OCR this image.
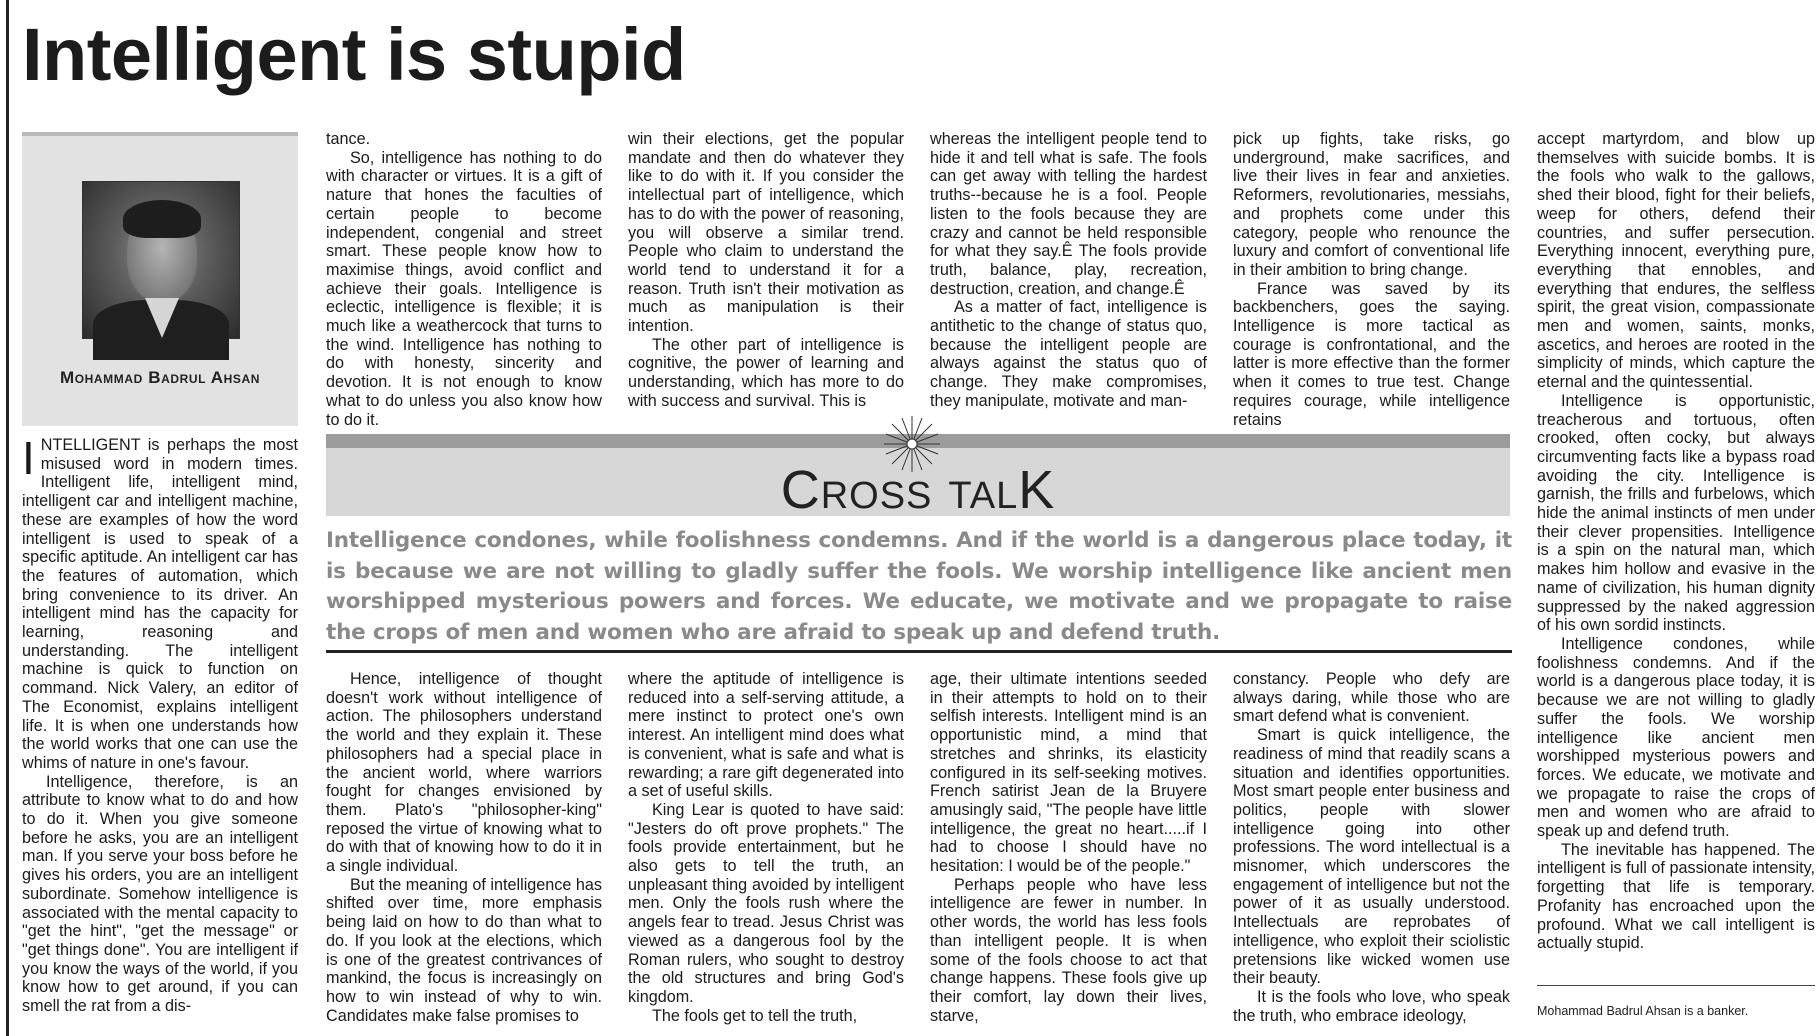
Intelligent is stupid
Mohammad Badrul Ahsan

INTELLIGENT is perhaps the most misused word in modern times. Intelligent life, intelligent mind, intelligent car and intelligent machine, these are examples of how the word intelligent is used to speak of a specific aptitude. An intelligent car has the features of automation, which bring convenience to its driver. An intelligent mind has the capacity for learning, reasoning and understanding. The intelligent machine is quick to function on command. Nick Valery, an editor of The Economist, explains intelligent life. It is when one understands how the world works that one can use the whims of nature in one's favour.

Intelligence, therefore, is an attribute to know what to do and how to do it. When you give someone before he asks, you are an intelligent man. If you serve your boss before he gives his orders, you are an intelligent subordinate. Somehow intelligence is associated with the mental capacity to "get the hint", "get the message" or "get things done". You are intelligent if you know the ways of the world, if you know how to get around, if you can smell the rat from a dis-

tance.

So, intelligence has nothing to do with character or virtues. It is a gift of nature that hones the faculties of certain people to become independent, congenial and street smart. These people know how to maximise things, avoid conflict and achieve their goals. Intelligence is eclectic, intelligence is flexible; it is much like a weathercock that turns to the wind. Intelligence has nothing to do with honesty, sincerity and devotion. It is not enough to know what to do unless you also know how to do it.

win their elections, get the popular mandate and then do whatever they like to do with it. If you consider the intellectual part of intelligence, which has to do with the power of reasoning, you will observe a similar trend. People who claim to understand the world tend to understand it for a reason. Truth isn't their motivation as much as manipulation is their intention.

The other part of intelligence is cognitive, the power of learning and understanding, which has more to do with success and survival. This is

whereas the intelligent people tend to hide it and tell what is safe. The fools can get away with telling the hardest truths--because he is a fool. People listen to the fools because they are crazy and cannot be held responsible for what they say.Ê The fools provide truth, balance, play, recreation, destruction, creation, and change.Ê

As a matter of fact, intelligence is antithetic to the change of status quo, because the intelligent people are always against the status quo of change. They make compromises, they manipulate, motivate and man-

pick up fights, take risks, go underground, make sacrifices, and live their lives in fear and anxieties. Reformers, revolutionaries, messiahs, and prophets come under this category, people who renounce the luxury and comfort of conventional life in their ambition to bring change.

France was saved by its backbenchers, goes the saying. Intelligence is more tactical as courage is confrontational, and the latter is more effective than the former when it comes to true test. Change requires courage, while intelligence retains

Cross talK

Intelligence condones, while foolishness condemns. And if the world is a dangerous place today, it is because we are not willing to gladly suffer the fools. We worship intelligence like ancient men worshipped mysterious powers and forces. We educate, we motivate and we propagate to raise the crops of men and women who are afraid to speak up and defend truth.

Hence, intelligence of thought doesn't work without intelligence of action. The philosophers understand the world and they explain it. These philosophers had a special place in the ancient world, where warriors fought for changes envisioned by them. Plato's "philosopher-king" reposed the virtue of knowing what to do with that of knowing how to do it in a single individual.

But the meaning of intelligence has shifted over time, more emphasis being laid on how to do than what to do. If you look at the elections, which is one of the greatest contrivances of mankind, the focus is increasingly on how to win instead of why to win. Candidates make false promises to

where the aptitude of intelligence is reduced into a self-serving attitude, a mere instinct to protect one's own interest. An intelligent mind does what is convenient, what is safe and what is rewarding; a rare gift degenerated into a set of useful skills.

King Lear is quoted to have said: "Jesters do oft prove prophets." The fools provide entertainment, but he also gets to tell the truth, an unpleasant thing avoided by intelligent men. Only the fools rush where the angels fear to tread. Jesus Christ was viewed as a dangerous fool by the Roman rulers, who sought to destroy the old structures and bring God's kingdom.

The fools get to tell the truth,

age, their ultimate intentions seeded in their attempts to hold on to their selfish interests. Intelligent mind is an opportunistic mind, a mind that stretches and shrinks, its elasticity configured in its self-seeking motives. French satirist Jean de la Bruyere amusingly said, "The people have little intelligence, the great no heart.....if I had to choose I should have no hesitation: I would be of the people."

Perhaps people who have less intelligence are fewer in number. In other words, the world has less fools than intelligent people. It is when some of the fools choose to act that change happens. These fools give up their comfort, lay down their lives, starve,

constancy. People who defy are always daring, while those who are smart defend what is convenient.

Smart is quick intelligence, the readiness of mind that readily scans a situation and identifies opportunities. Most smart people enter business and politics, people with slower intelligence going into other professions. The word intellectual is a misnomer, which underscores the engagement of intelligence but not the power of it as usually understood. Intellectuals are reprobates of intelligence, who exploit their sciolistic pretensions like wicked women use their beauty.

It is the fools who love, who speak the truth, who embrace ideology,

accept martyrdom, and blow up themselves with suicide bombs. It is the fools who walk to the gallows, shed their blood, fight for their beliefs, weep for others, defend their countries, and suffer persecution. Everything innocent, everything pure, everything that ennobles, and everything that endures, the selfless spirit, the great vision, compassionate men and women, saints, monks, ascetics, and heroes are rooted in the simplicity of minds, which capture the eternal and the quintessential.

Intelligence is opportunistic, treacherous and tortuous, often crooked, often cocky, but always circumventing facts like a bypass road avoiding the city. Intelligence is garnish, the frills and furbelows, which hide the animal instincts of men under their clever propensities. Intelligence is a spin on the natural man, which makes him hollow and evasive in the name of civilization, his human dignity suppressed by the naked aggression of his own sordid instincts.

Intelligence condones, while foolishness condemns. And if the world is a dangerous place today, it is because we are not willing to gladly suffer the fools. We worship intelligence like ancient men worshipped mysterious powers and forces. We educate, we motivate and we propagate to raise the crops of men and women who are afraid to speak up and defend truth.

The inevitable has happened. The intelligent is full of passionate intensity, forgetting that life is temporary. Profanity has encroached upon the profound. What we call intelligent is actually stupid.

Mohammad Badrul Ahsan is a banker.
